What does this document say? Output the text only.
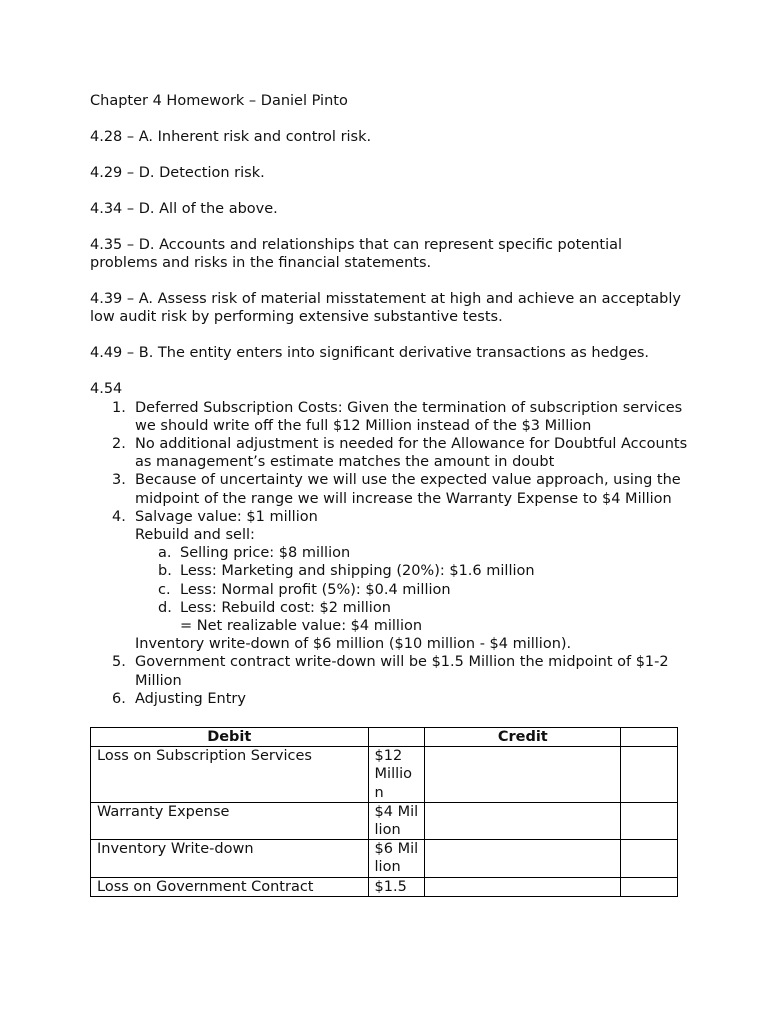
Chapter 4 Homework – Daniel Pinto

4.28 – A. Inherent risk and control risk.

4.29 – D. Detection risk.

4.34 – D. All of the above.

4.35 – D. Accounts and relationships that can represent specific potential problems and risks in the financial statements.

4.39 – A. Assess risk of material misstatement at high and achieve an acceptably low audit risk by performing extensive substantive tests.

4.49 – B. The entity enters into significant derivative transactions as hedges.

4.54

1. Deferred Subscription Costs: Given the termination of subscription services we should write off the full $12 Million instead of the $3 Million
2. No additional adjustment is needed for the Allowance for Doubtful Accounts as management’s estimate matches the amount in doubt
3. Because of uncertainty we will use the expected value approach, using the midpoint of the range we will increase the Warranty Expense to $4 Million
4. Salvage value: $1 million
Rebuild and sell:
a. Selling price: $8 million
b. Less: Marketing and shipping (20%): $1.6 million
c. Less: Normal profit (5%): $0.4 million
d. Less: Rebuild cost: $2 million
= Net realizable value: $4 million
Inventory write-down of $6 million ($10 million - $4 million).
5. Government contract write-down will be $1.5 Million the midpoint of $1-2 Million
6. Adjusting Entry
Debit		Credit	
Loss on Subscription Services	$12 Million		
Warranty Expense	$4 Million		
Inventory Write-down	$6 Million		
Loss on Government Contract	$1.5		
